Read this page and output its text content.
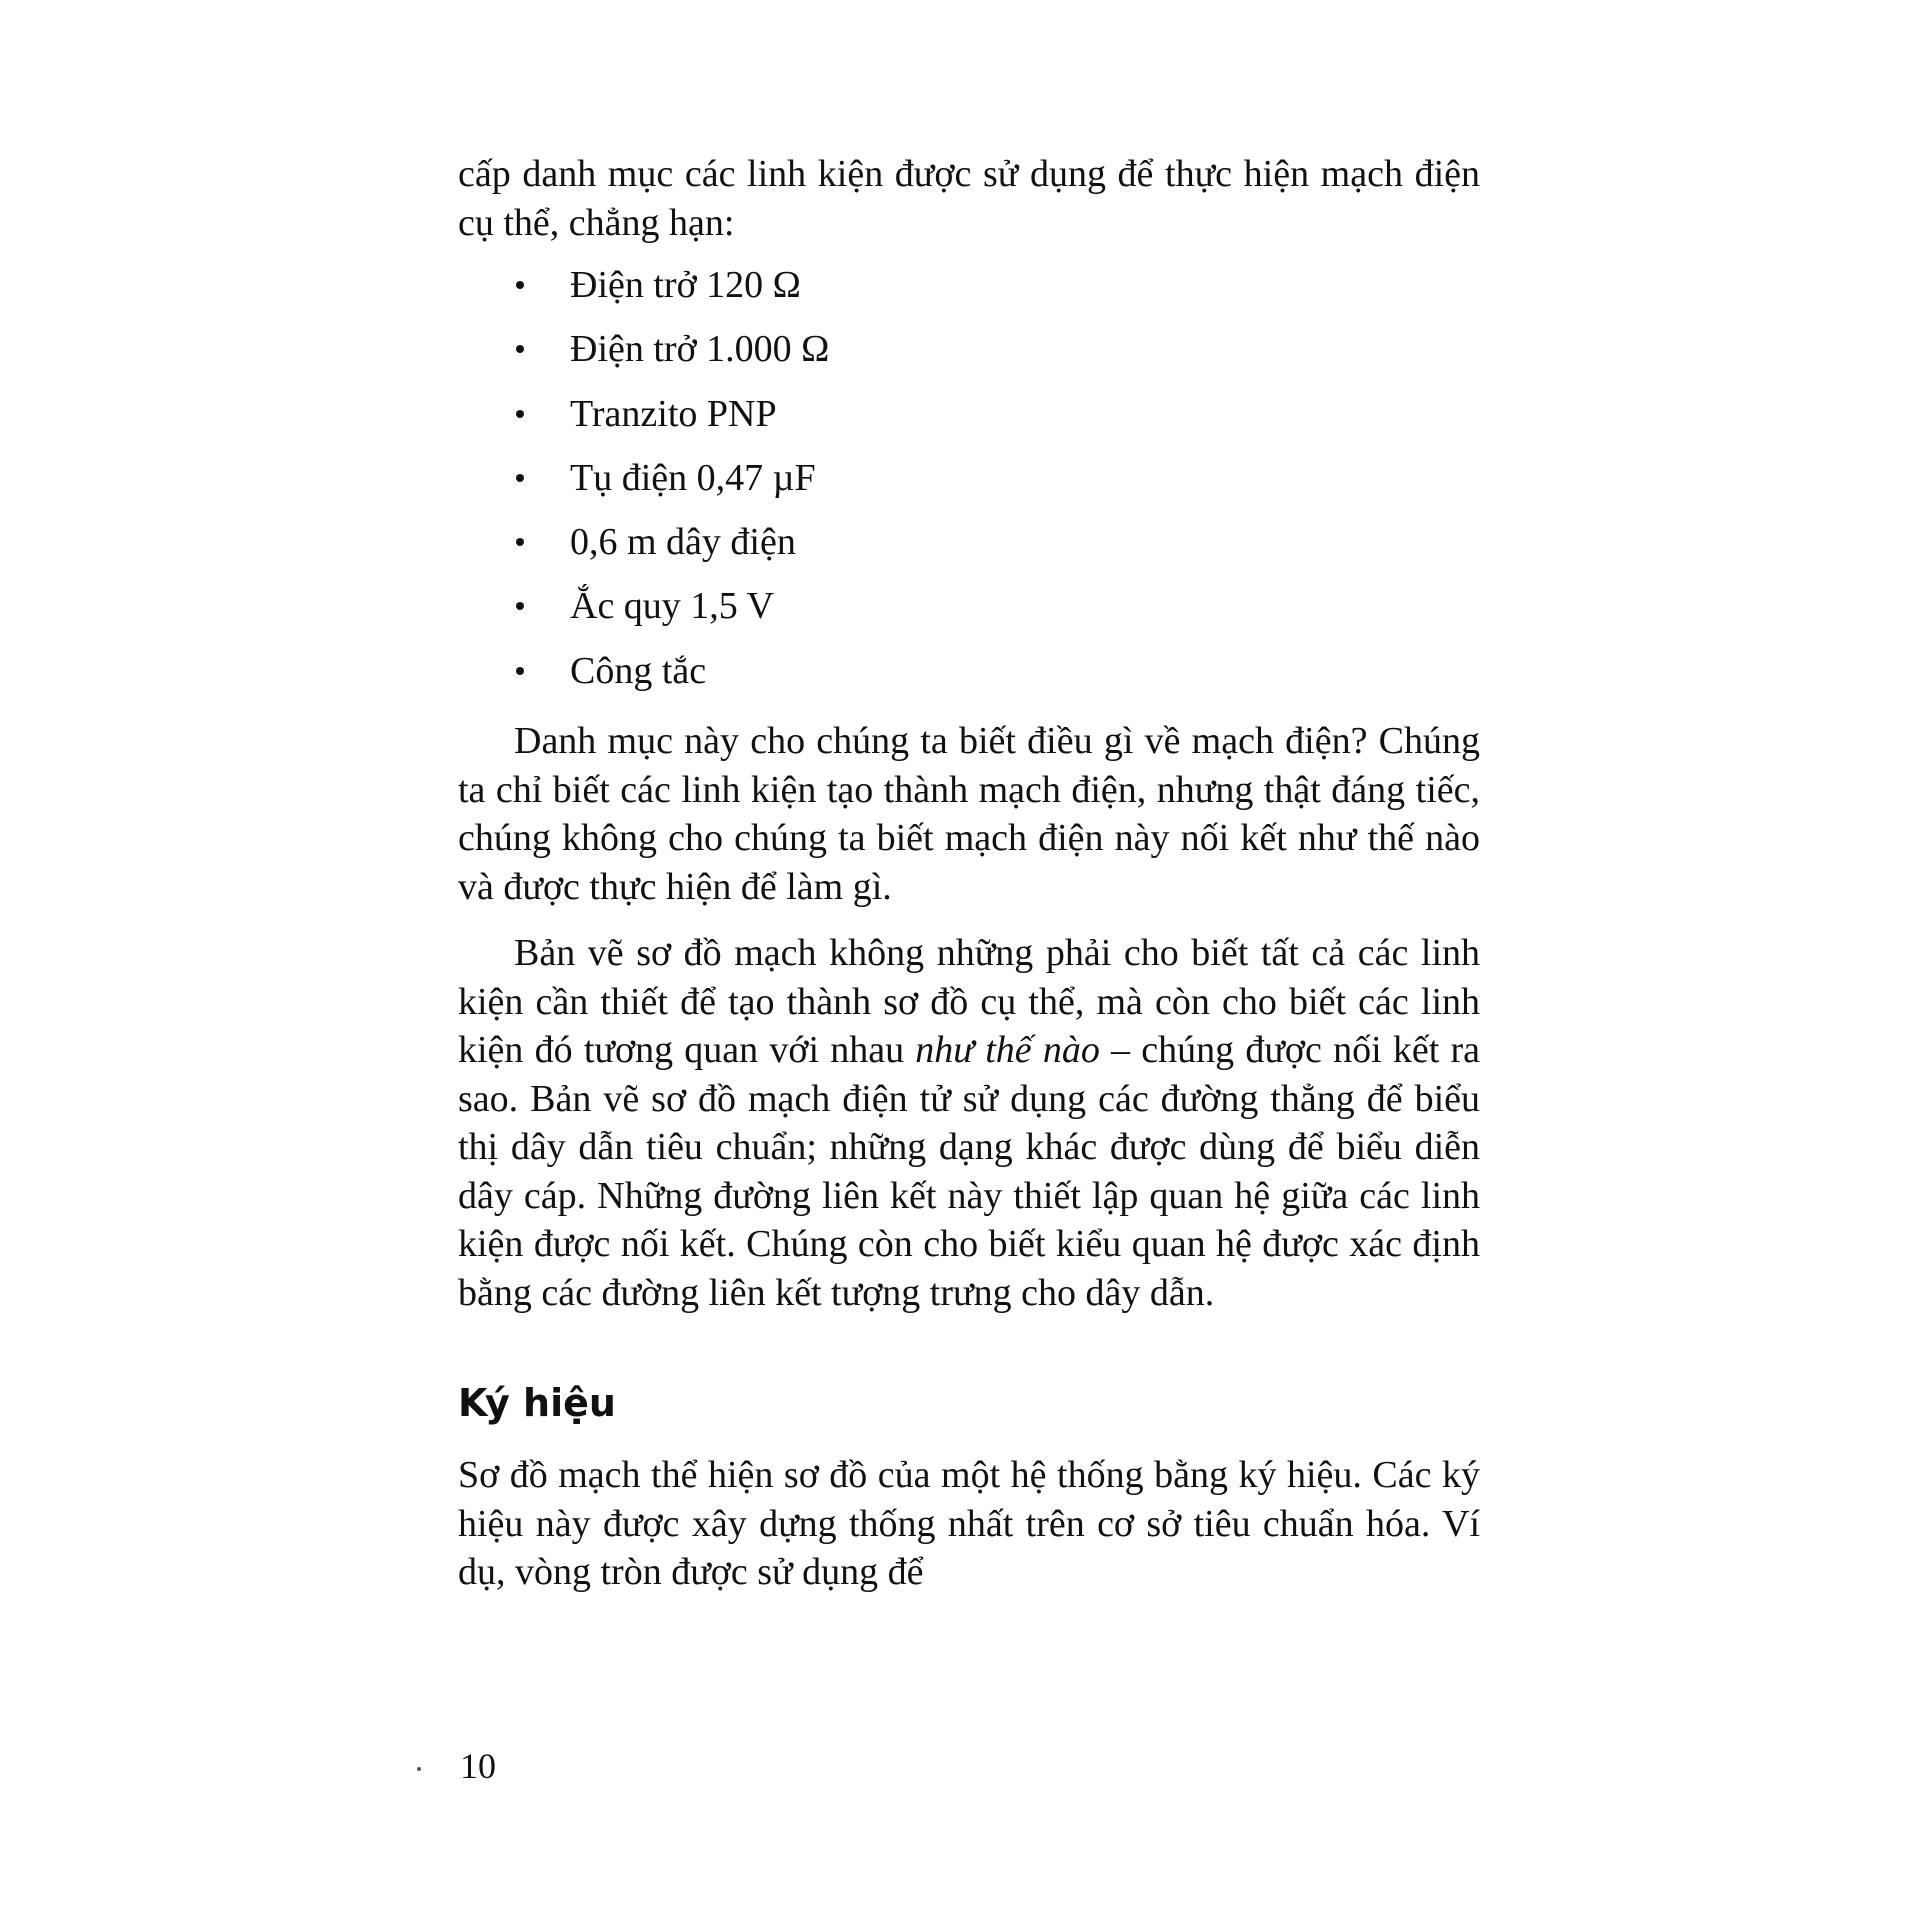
cấp danh mục các linh kiện được sử dụng để thực hiện mạch điện cụ thể, chẳng hạn:

Điện trở 120 Ω
Điện trở 1.000 Ω
Tranzito PNP
Tụ điện 0,47 µF
0,6 m dây điện
Ắc quy 1,5 V
Công tắc

Danh mục này cho chúng ta biết điều gì về mạch điện? Chúng ta chỉ biết các linh kiện tạo thành mạch điện, nhưng thật đáng tiếc, chúng không cho chúng ta biết mạch điện này nối kết như thế nào và được thực hiện để làm gì.

Bản vẽ sơ đồ mạch không những phải cho biết tất cả các linh kiện cần thiết để tạo thành sơ đồ cụ thể, mà còn cho biết các linh kiện đó tương quan với nhau như thế nào – chúng được nối kết ra sao. Bản vẽ sơ đồ mạch điện tử sử dụng các đường thẳng để biểu thị dây dẫn tiêu chuẩn; những dạng khác được dùng để biểu diễn dây cáp. Những đường liên kết này thiết lập quan hệ giữa các linh kiện được nối kết. Chúng còn cho biết kiểu quan hệ được xác định bằng các đường liên kết tượng trưng cho dây dẫn.

Ký hiệu

Sơ đồ mạch thể hiện sơ đồ của một hệ thống bằng ký hiệu. Các ký hiệu này được xây dựng thống nhất trên cơ sở tiêu chuẩn hóa. Ví dụ, vòng tròn được sử dụng để

10
